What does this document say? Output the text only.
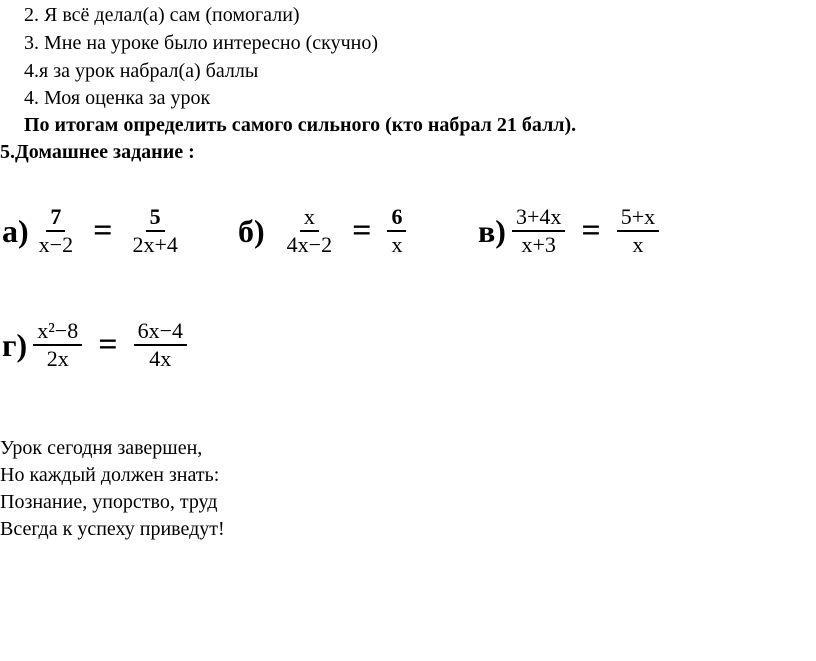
2. Я всё делал(а) сам (помогали)
3. Мне на уроке было интересно (скучно)
4.я за урок набрал(а) баллы
4. Моя оценка за урок
По итогам определить самого сильного (кто набрал 21 балл).
5.Домашнее задание :
$а) \frac{7}{x-2} = \frac{5}{2x+4} б) \frac{x}{4x-2} = \frac{6}{x} в) \frac{3+4x}{x+3} = \frac{5+x}{x}$
$г) \frac{\text{x²−8}}{2x} = \frac{6x-4}{4x}$
Урок сегодня завершен,
Но каждый должен знать:
Познание, упорство, труд
Всегда к успеху приведут!
